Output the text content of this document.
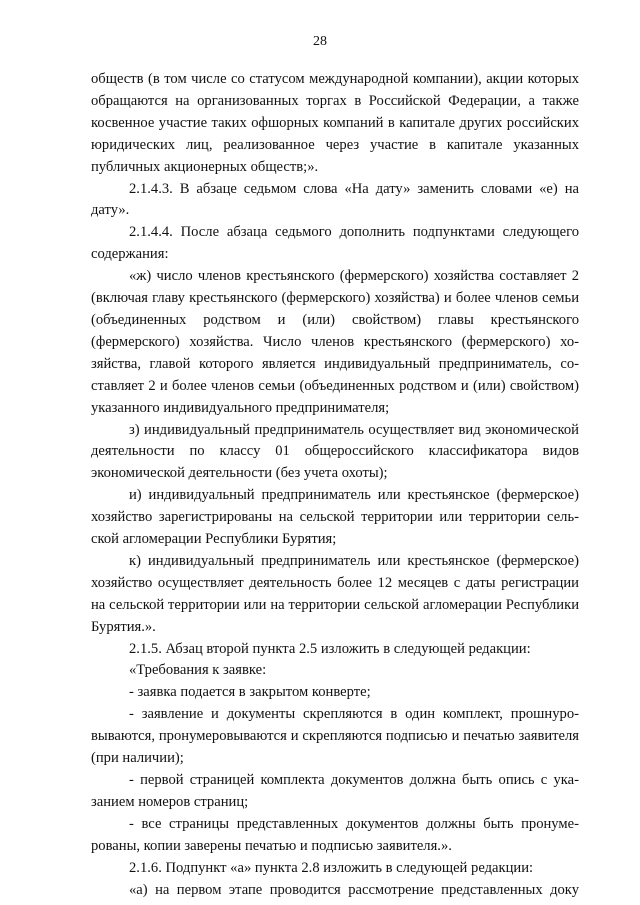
28

обществ (в том числе со статусом международной компании), акции которых обращаются на организованных торгах в Российской Федерации, а также косвенное участие таких офшорных компаний в капитале других российских юридических лиц, реализованное через участие в капитале указанных публичных акционерных обществ;».

2.1.4.3. В абзаце седьмом слова «На дату» заменить словами «е) на дату».

2.1.4.4. После абзаца седьмого дополнить подпунктами следующего содержания:

«ж) число членов крестьянского (фермерского) хозяйства составляет 2 (включая главу крестьянского (фермерского) хозяйства) и более членов семьи (объединенных родством и (или) свойством) главы крестьянского (фермерского) хозяйства. Число членов крестьянского (фермерского) хозяйства, главой которого является индивидуальный предприниматель, составляет 2 и более членов семьи (объединенных родством и (или) свойством) указанного индивидуального предпринимателя;

з) индивидуальный предприниматель осуществляет вид экономической деятельности по классу 01 общероссийского классификатора видов экономической деятельности (без учета охоты);

и) индивидуальный предприниматель или крестьянское (фермерское) хозяйство зарегистрированы на сельской территории или территории сельской агломерации Республики Бурятия;

к) индивидуальный предприниматель или крестьянское (фермерское) хозяйство осуществляет деятельность более 12 месяцев с даты регистрации на сельской территории или на территории сельской агломерации Республики Бурятия.».

2.1.5. Абзац второй пункта 2.5 изложить в следующей редакции:

«Требования к заявке:

- заявка подается в закрытом конверте;

- заявление и документы скрепляются в один комплект, прошнуровываются, пронумеровываются и скрепляются подписью и печатью заявителя (при наличии);

- первой страницей комплекта документов должна быть опись с указанием номеров страниц;

- все страницы представленных документов должны быть пронумерованы, копии заверены печатью и подписью заявителя.».

2.1.6. Подпункт «а» пункта 2.8 изложить в следующей редакции:

«а) на первом этапе проводится рассмотрение представленных доку
